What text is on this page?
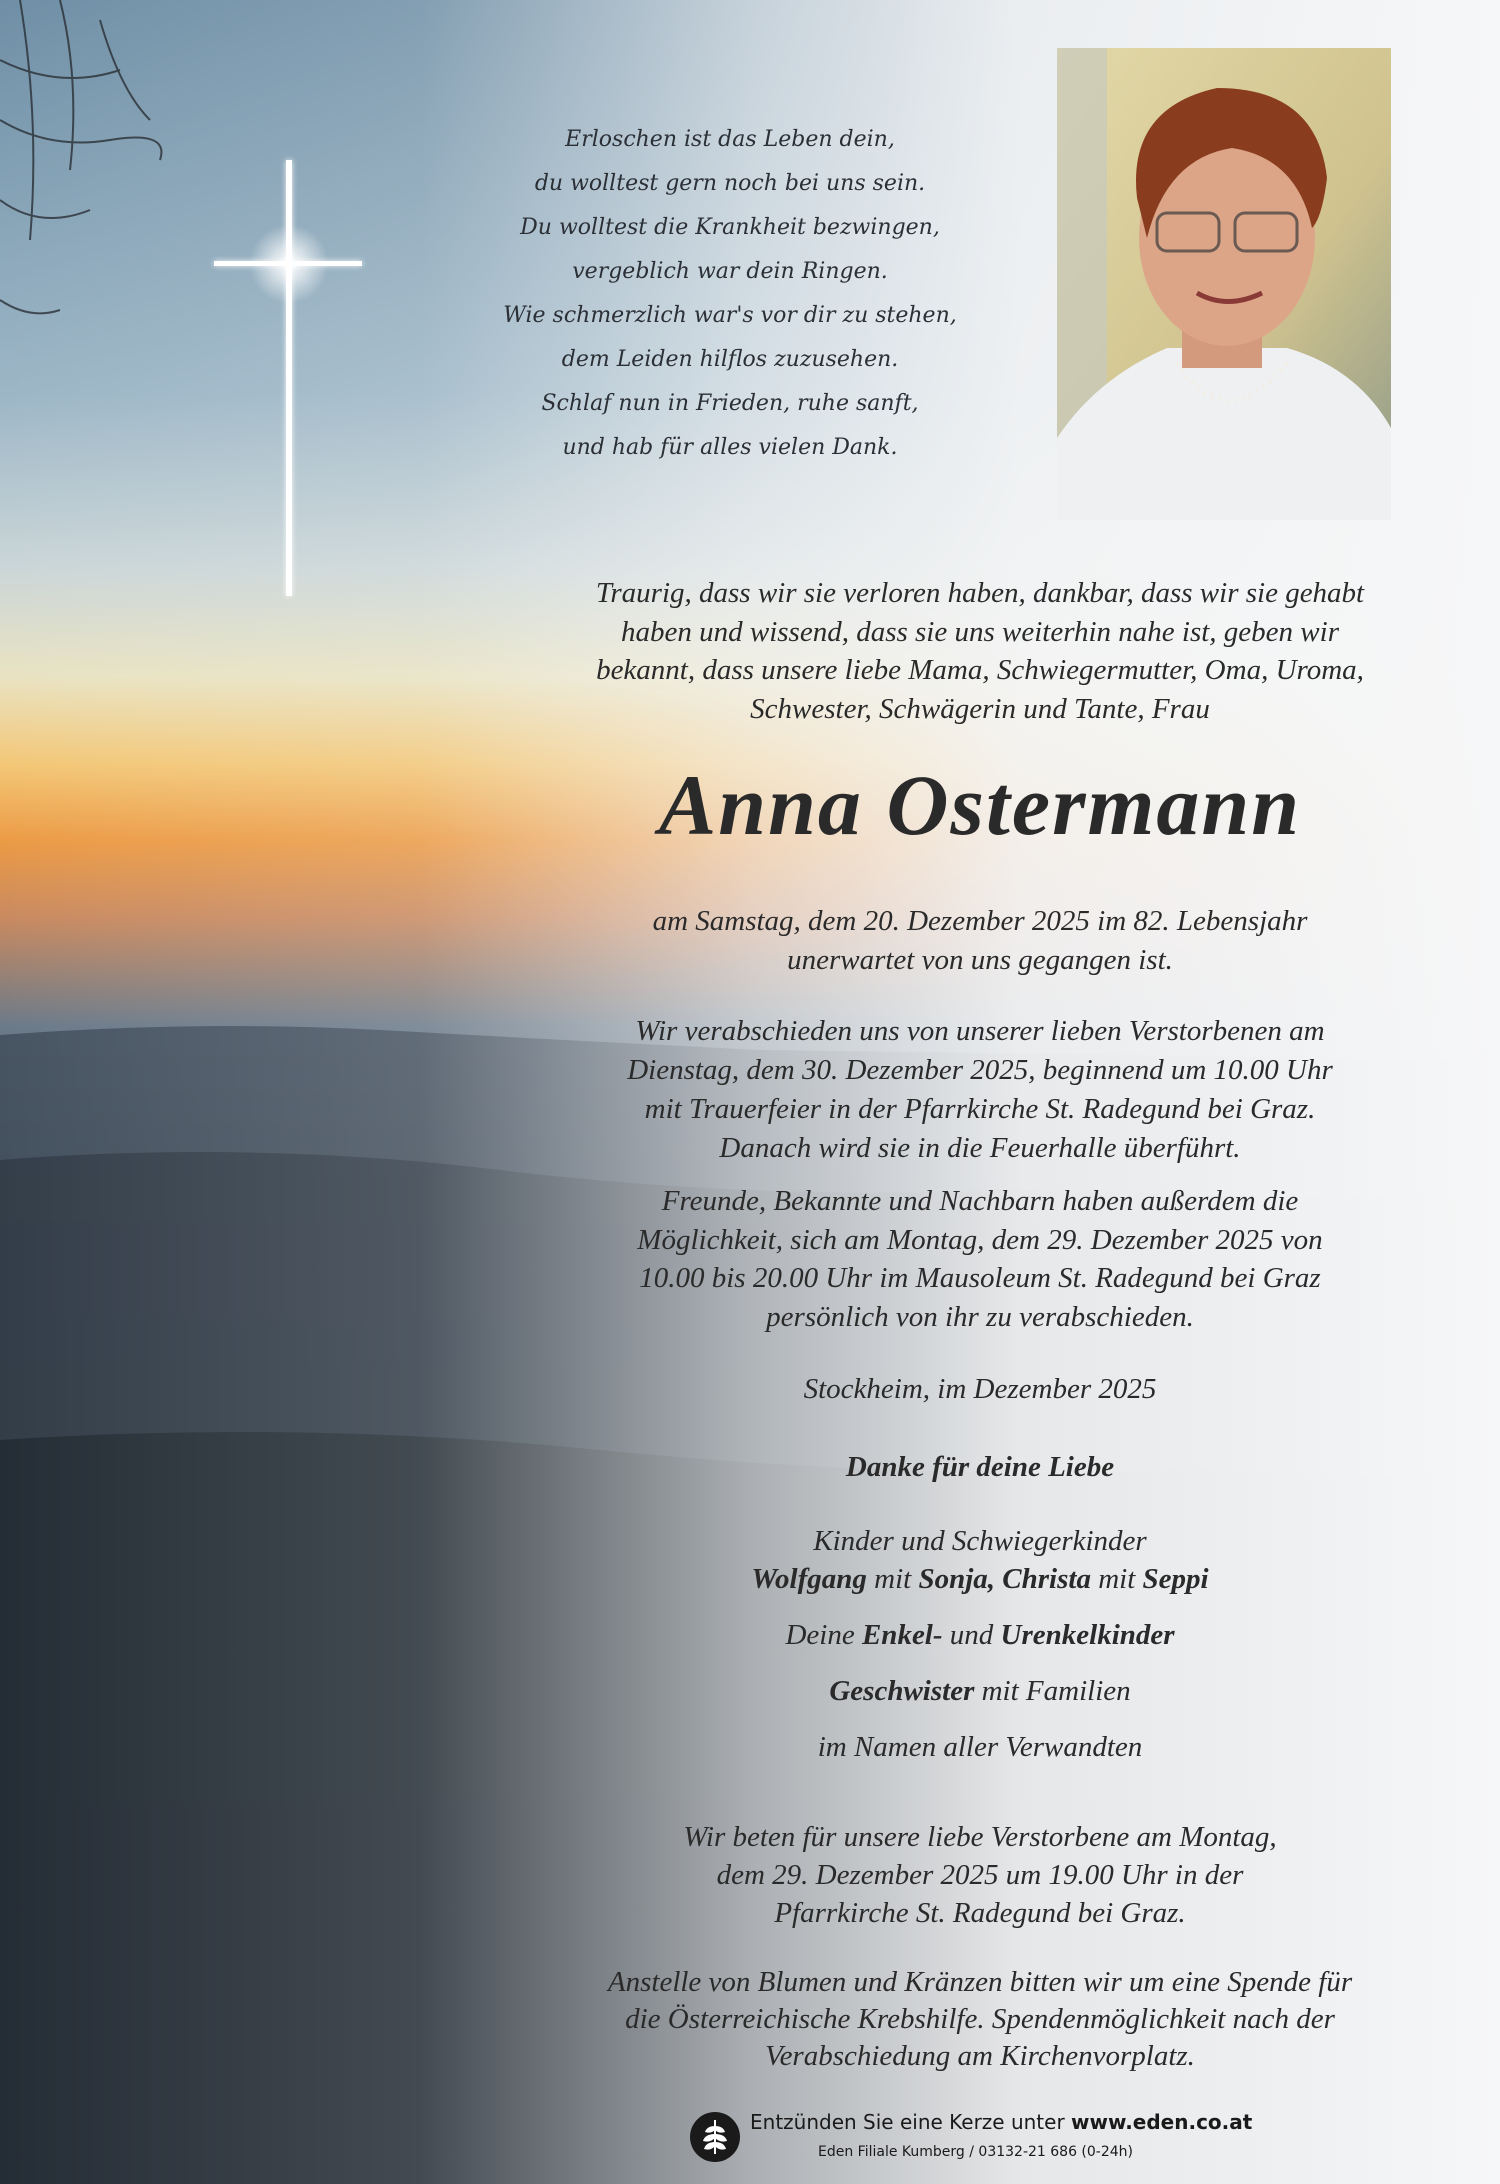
Erloschen ist das Leben dein,
du wolltest gern noch bei uns sein.
Du wolltest die Krankheit bezwingen,
vergeblich war dein Ringen.
Wie schmerzlich war's vor dir zu stehen,
dem Leiden hilflos zuzusehen.
Schlaf nun in Frieden, ruhe sanft,
und hab für alles vielen Dank.
Traurig, dass wir sie verloren haben, dankbar, dass wir sie gehabt
haben und wissend, dass sie uns weiterhin nahe ist, geben wir
bekannt, dass unsere liebe Mama, Schwiegermutter, Oma, Uroma,
Schwester, Schwägerin und Tante, Frau
Anna Ostermann
am Samstag, dem 20. Dezember 2025 im 82. Lebensjahr
unerwartet von uns gegangen ist.
Wir verabschieden uns von unserer lieben Verstorbenen am
Dienstag, dem 30. Dezember 2025, beginnend um 10.00 Uhr
mit Trauerfeier in der Pfarrkirche St. Radegund bei Graz.
Danach wird sie in die Feuerhalle überführt.
Freunde, Bekannte und Nachbarn haben außerdem die
Möglichkeit, sich am Montag, dem 29. Dezember 2025 von
10.00 bis 20.00 Uhr im Mausoleum St. Radegund bei Graz
persönlich von ihr zu verabschieden.
Stockheim, im Dezember 2025
Danke für deine Liebe
Kinder und Schwiegerkinder
Wolfgang mit Sonja, Christa mit Seppi
Deine Enkel- und Urenkelkinder
Geschwister mit Familien
im Namen aller Verwandten
Wir beten für unsere liebe Verstorbene am Montag,
dem 29. Dezember 2025 um 19.00 Uhr in der
Pfarrkirche St. Radegund bei Graz.
Anstelle von Blumen und Kränzen bitten wir um eine Spende für
die Österreichische Krebshilfe. Spendenmöglichkeit nach der
Verabschiedung am Kirchenvorplatz.
Entzünden Sie eine Kerze unter www.eden.co.at
Eden Filiale Kumberg / 03132-21 686 (0-24h)
